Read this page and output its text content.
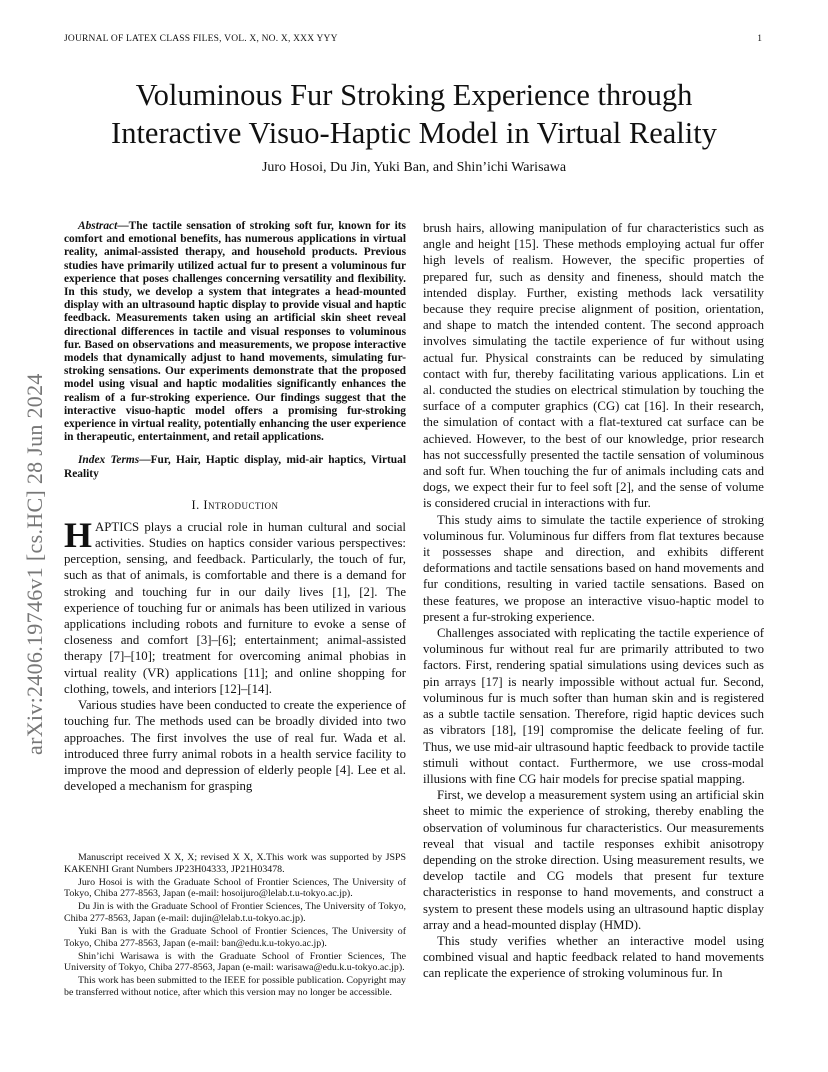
JOURNAL OF LATEX CLASS FILES, VOL. X, NO. X, XXX YYY	1
arXiv:2406.19746v1 [cs.HC] 28 Jun 2024
Voluminous Fur Stroking Experience through
Interactive Visuo-Haptic Model in Virtual Reality
Juro Hosoi, Du Jin, Yuki Ban, and Shin’ichi Warisawa

Abstract—The tactile sensation of stroking soft fur, known for its comfort and emotional benefits, has numerous applications in virtual reality, animal-assisted therapy, and household products. Previous studies have primarily utilized actual fur to present a voluminous fur experience that poses challenges concerning versatility and flexibility. In this study, we develop a system that integrates a head-mounted display with an ultrasound haptic display to provide visual and haptic feedback. Measurements taken using an artificial skin sheet reveal directional differences in tactile and visual responses to voluminous fur. Based on observations and measurements, we propose interactive models that dynamically adjust to hand movements, simulating fur-stroking sensations. Our experiments demonstrate that the proposed model using visual and haptic modalities significantly enhances the realism of a fur-stroking experience. Our findings suggest that the interactive visuo-haptic model offers a promising fur-stroking experience in virtual reality, potentially enhancing the user experience in therapeutic, entertainment, and retail applications.

Index Terms—Fur, Hair, Haptic display, mid-air haptics, Virtual Reality

I. Introduction

HAPTICS plays a crucial role in human cultural and social activities. Studies on haptics consider various perspectives: perception, sensing, and feedback. Particularly, the touch of fur, such as that of animals, is comfortable and there is a demand for stroking and touching fur in our daily lives [1], [2]. The experience of touching fur or animals has been utilized in various applications including robots and furniture to evoke a sense of closeness and comfort [3]–[6]; entertainment; animal-assisted therapy [7]–[10]; treatment for overcoming animal phobias in virtual reality (VR) applications [11]; and online shopping for clothing, towels, and interiors [12]–[14].

Various studies have been conducted to create the experience of touching fur. The methods used can be broadly divided into two approaches. The first involves the use of real fur. Wada et al. introduced three furry animal robots in a health service facility to improve the mood and depression of elderly people [4]. Lee et al. developed a mechanism for grasping

Manuscript received X X, X; revised X X, X.This work was supported by JSPS KAKENHI Grant Numbers JP23H04333, JP21H03478.

Juro Hosoi is with the Graduate School of Frontier Sciences, The University of Tokyo, Chiba 277-8563, Japan (e-mail: hosoijuro@lelab.t.u-tokyo.ac.jp).

Du Jin is with the Graduate School of Frontier Sciences, The University of Tokyo, Chiba 277-8563, Japan (e-mail: dujin@lelab.t.u-tokyo.ac.jp).

Yuki Ban is with the Graduate School of Frontier Sciences, The University of Tokyo, Chiba 277-8563, Japan (e-mail: ban@edu.k.u-tokyo.ac.jp).

Shin’ichi Warisawa is with the Graduate School of Frontier Sciences, The University of Tokyo, Chiba 277-8563, Japan (e-mail: warisawa@edu.k.u-tokyo.ac.jp).

This work has been submitted to the IEEE for possible publication. Copyright may be transferred without notice, after which this version may no longer be accessible.

brush hairs, allowing manipulation of fur characteristics such as angle and height [15]. These methods employing actual fur offer high levels of realism. However, the specific properties of prepared fur, such as density and fineness, should match the intended display. Further, existing methods lack versatility because they require precise alignment of position, orientation, and shape to match the intended content. The second approach involves simulating the tactile experience of fur without using actual fur. Physical constraints can be reduced by simulating contact with fur, thereby facilitating various applications. Lin et al. conducted the studies on electrical stimulation by touching the surface of a computer graphics (CG) cat [16]. In their research, the simulation of contact with a flat-textured cat surface can be achieved. However, to the best of our knowledge, prior research has not successfully presented the tactile sensation of voluminous and soft fur. When touching the fur of animals including cats and dogs, we expect their fur to feel soft [2], and the sense of volume is considered crucial in interactions with fur.

This study aims to simulate the tactile experience of stroking voluminous fur. Voluminous fur differs from flat textures because it possesses shape and direction, and exhibits different deformations and tactile sensations based on hand movements and fur conditions, resulting in varied tactile sensations. Based on these features, we propose an interactive visuo-haptic model to present a fur-stroking experience.

Challenges associated with replicating the tactile experience of voluminous fur without real fur are primarily attributed to two factors. First, rendering spatial simulations using devices such as pin arrays [17] is nearly impossible without actual fur. Second, voluminous fur is much softer than human skin and is registered as a subtle tactile sensation. Therefore, rigid haptic devices such as vibrators [18], [19] compromise the delicate feeling of fur. Thus, we use mid-air ultrasound haptic feedback to provide tactile stimuli without contact. Furthermore, we use cross-modal illusions with fine CG hair models for precise spatial mapping.

First, we develop a measurement system using an artificial skin sheet to mimic the experience of stroking, thereby enabling the observation of voluminous fur characteristics. Our measurements reveal that visual and tactile responses exhibit anisotropy depending on the stroke direction. Using measurement results, we develop tactile and CG models that present fur texture characteristics in response to hand movements, and construct a system to present these models using an ultrasound haptic display array and a head-mounted display (HMD).

This study verifies whether an interactive model using combined visual and haptic feedback related to hand movements can replicate the experience of stroking voluminous fur. In
